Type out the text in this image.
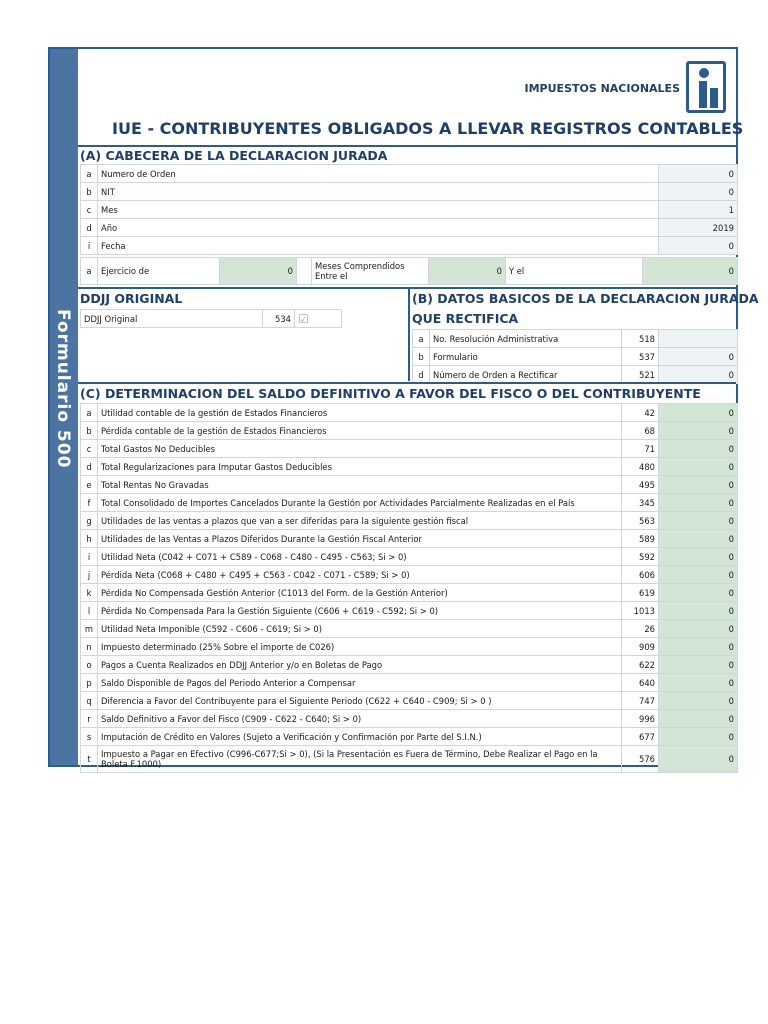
Formulario 500
IMPUESTOS NACIONALES
IUE - CONTRIBUYENTES OBLIGADOS A LLEVAR REGISTROS CONTABLES
(A) CABECERA DE LA DECLARACION JURADA
a	Numero de Orden	0
b	NIT	0
c	Mes	1
d	Año	2019
i	Fecha	0
a	Ejercicio de	0		Meses Comprendidos Entre el	0	Y el	0
DDJJ ORIGINAL
DDJJ Original	534	☑
(B) DATOS BASICOS DE LA DECLARACION JURADA
QUE RECTIFICA
a	No. Resolución Administrativa	518	
b	Formulario	537	0
d	Número de Orden a Rectificar	521	0
(C) DETERMINACION DEL SALDO DEFINITIVO A FAVOR DEL FISCO O DEL CONTRIBUYENTE
a	Utilidad contable de la gestión de Estados Financieros	42	0
b	Pérdida contable de la gestión de Estados Financieros	68	0
c	Total Gastos No Deducibles	71	0
d	Total Regularizaciones para Imputar Gastos Deducibles	480	0
e	Total Rentas No Gravadas	495	0
f	Total Consolidado de Importes Cancelados Durante la Gestión por Actividades Parcialmente Realizadas en el País	345	0
g	Utilidades de las ventas a plazos que van a ser diferidas para la siguiente gestión fiscal	563	0
h	Utilidades de las Ventas a Plazos Diferidos Durante la Gestión Fiscal Anterior	589	0
i	Utilidad Neta (C042 + C071 + C589 - C068 - C480 - C495 - C563; Si > 0)	592	0
j	Pérdida Neta (C068 + C480 + C495 + C563 - C042 - C071 - C589; Si > 0)	606	0
k	Pérdida No Compensada Gestión Anterior (C1013 del Form. de la Gestión Anterior)	619	0
l	Pérdida No Compensada Para la Gestión Siguiente (C606 + C619 - C592; Si > 0)	1013	0
m	Utilidad Neta Imponible (C592 - C606 - C619; Si > 0)	26	0
n	Impuesto determinado (25% Sobre el importe de C026)	909	0
o	Pagos a Cuenta Realizados en DDJJ Anterior y/o en Boletas de Pago	622	0
p	Saldo Disponible de Pagos del Periodo Anterior a Compensar	640	0
q	Diferencia a Favor del Contribuyente para el Siguiente Periodo (C622 + C640 - C909; Si > 0 )	747	0
r	Saldo Definitivo a Favor del Fisco (C909 - C622 - C640; Si > 0)	996	0
s	Imputación de Crédito en Valores (Sujeto a Verificación y Confirmación por Parte del S.I.N.)	677	0
t	Impuesto a Pagar en Efectivo (C996-C677;Si > 0), (Si la Presentación es Fuera de Término, Debe Realizar el Pago en la Boleta F.1000)	576	0
